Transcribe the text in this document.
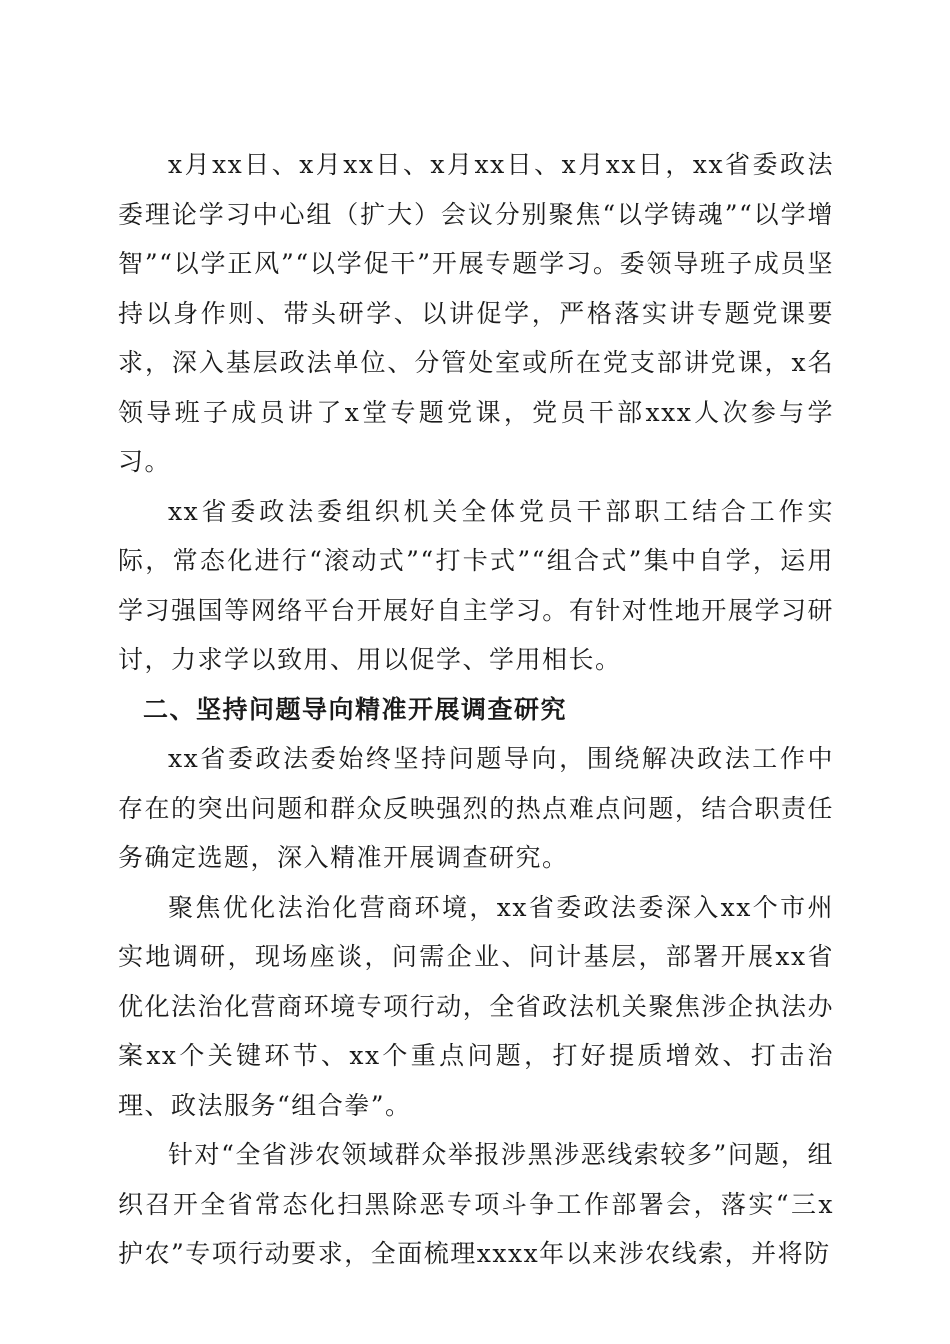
x月xx日、x月xx日、x月xx日、x月xx日，xx省委政法委理论学习中心组（扩大）会议分别聚焦“以学铸魂”“以学增智”“以学正风”“以学促干”开展专题学习。委领导班子成员坚持以身作则、带头研学、以讲促学，严格落实讲专题党课要求，深入基层政法单位、分管处室或所在党支部讲党课，x名领导班子成员讲了x堂专题党课，党员干部xxx人次参与学习。

xx省委政法委组织机关全体党员干部职工结合工作实际，常态化进行“滚动式”“打卡式”“组合式”集中自学，运用学习强国等网络平台开展好自主学习。有针对性地开展学习研讨，力求学以致用、用以促学、学用相长。

二、坚持问题导向精准开展调查研究

xx省委政法委始终坚持问题导向，围绕解决政法工作中存在的突出问题和群众反映强烈的热点难点问题，结合职责任务确定选题，深入精准开展调查研究。

聚焦优化法治化营商环境，xx省委政法委深入xx个市州实地调研，现场座谈，问需企业、问计基层，部署开展xx省优化法治化营商环境专项行动，全省政法机关聚焦涉企执法办案xx个关键环节、xx个重点问题，打好提质增效、打击治理、政法服务“组合拳”。

针对“全省涉农领域群众举报涉黑涉恶线索较多”问题，组织召开全省常态化扫黑除恶专项斗争工作部署会，落实“三x护农”专项行动要求，全面梳理xxxx年以来涉农线索，并将防
